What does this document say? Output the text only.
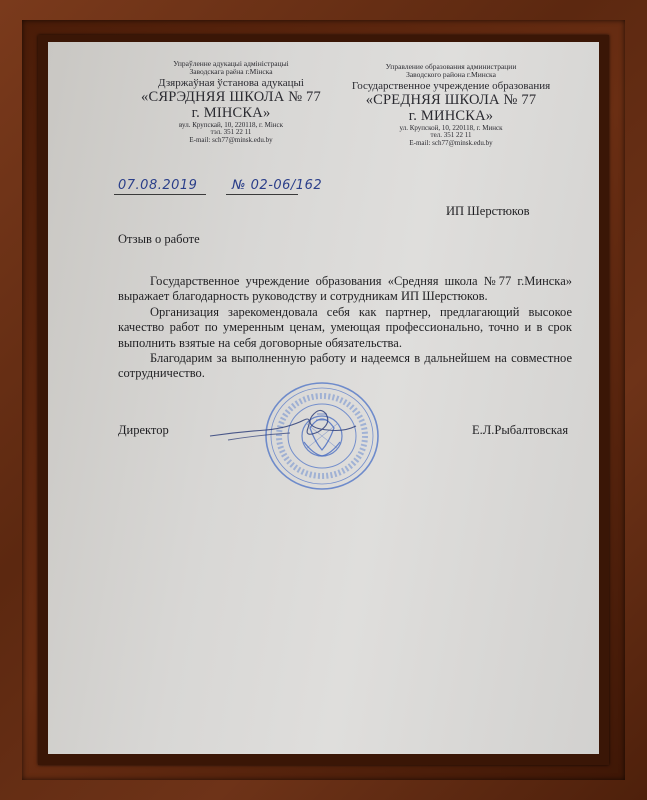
Упраўленне адукацыі адміністрацыі
Заводскага раёна г.Мінска
Дзяржаўная ўстанова адукацыі
«СЯРЭДНЯЯ ШКОЛА № 77
г. МІНСКА»
вул. Крупскай, 10, 220118, г. Мінск
тэл. 351 22 11
E-mail: sch77@minsk.edu.by
Управление образования администрации
Заводского района г.Минска
Государственное учреждение образования
«СРЕДНЯЯ ШКОЛА № 77
г. МИНСКА»
ул. Крупской, 10, 220118, г. Минск
тел. 351 22 11
E-mail: sch77@minsk.edu.by
07.08.2019	№ 02-06/162
ИП Шерстюков
Отзыв о работе

Государственное учреждение образования «Средняя школа №77 г.Минска» выражает благодарность руководству и сотрудникам ИП Шерстюков.

Организация зарекомендовала себя как партнер, предлагающий высокое качество работ по умеренным ценам, умеющая профессионально, точно и в срок выполнить взятые на себя договорные обязательства.

Благодарим за выполненную работу и надеемся в дальнейшем на совместное сотрудничество.

Директор	Е.Л.Рыбалтовская
